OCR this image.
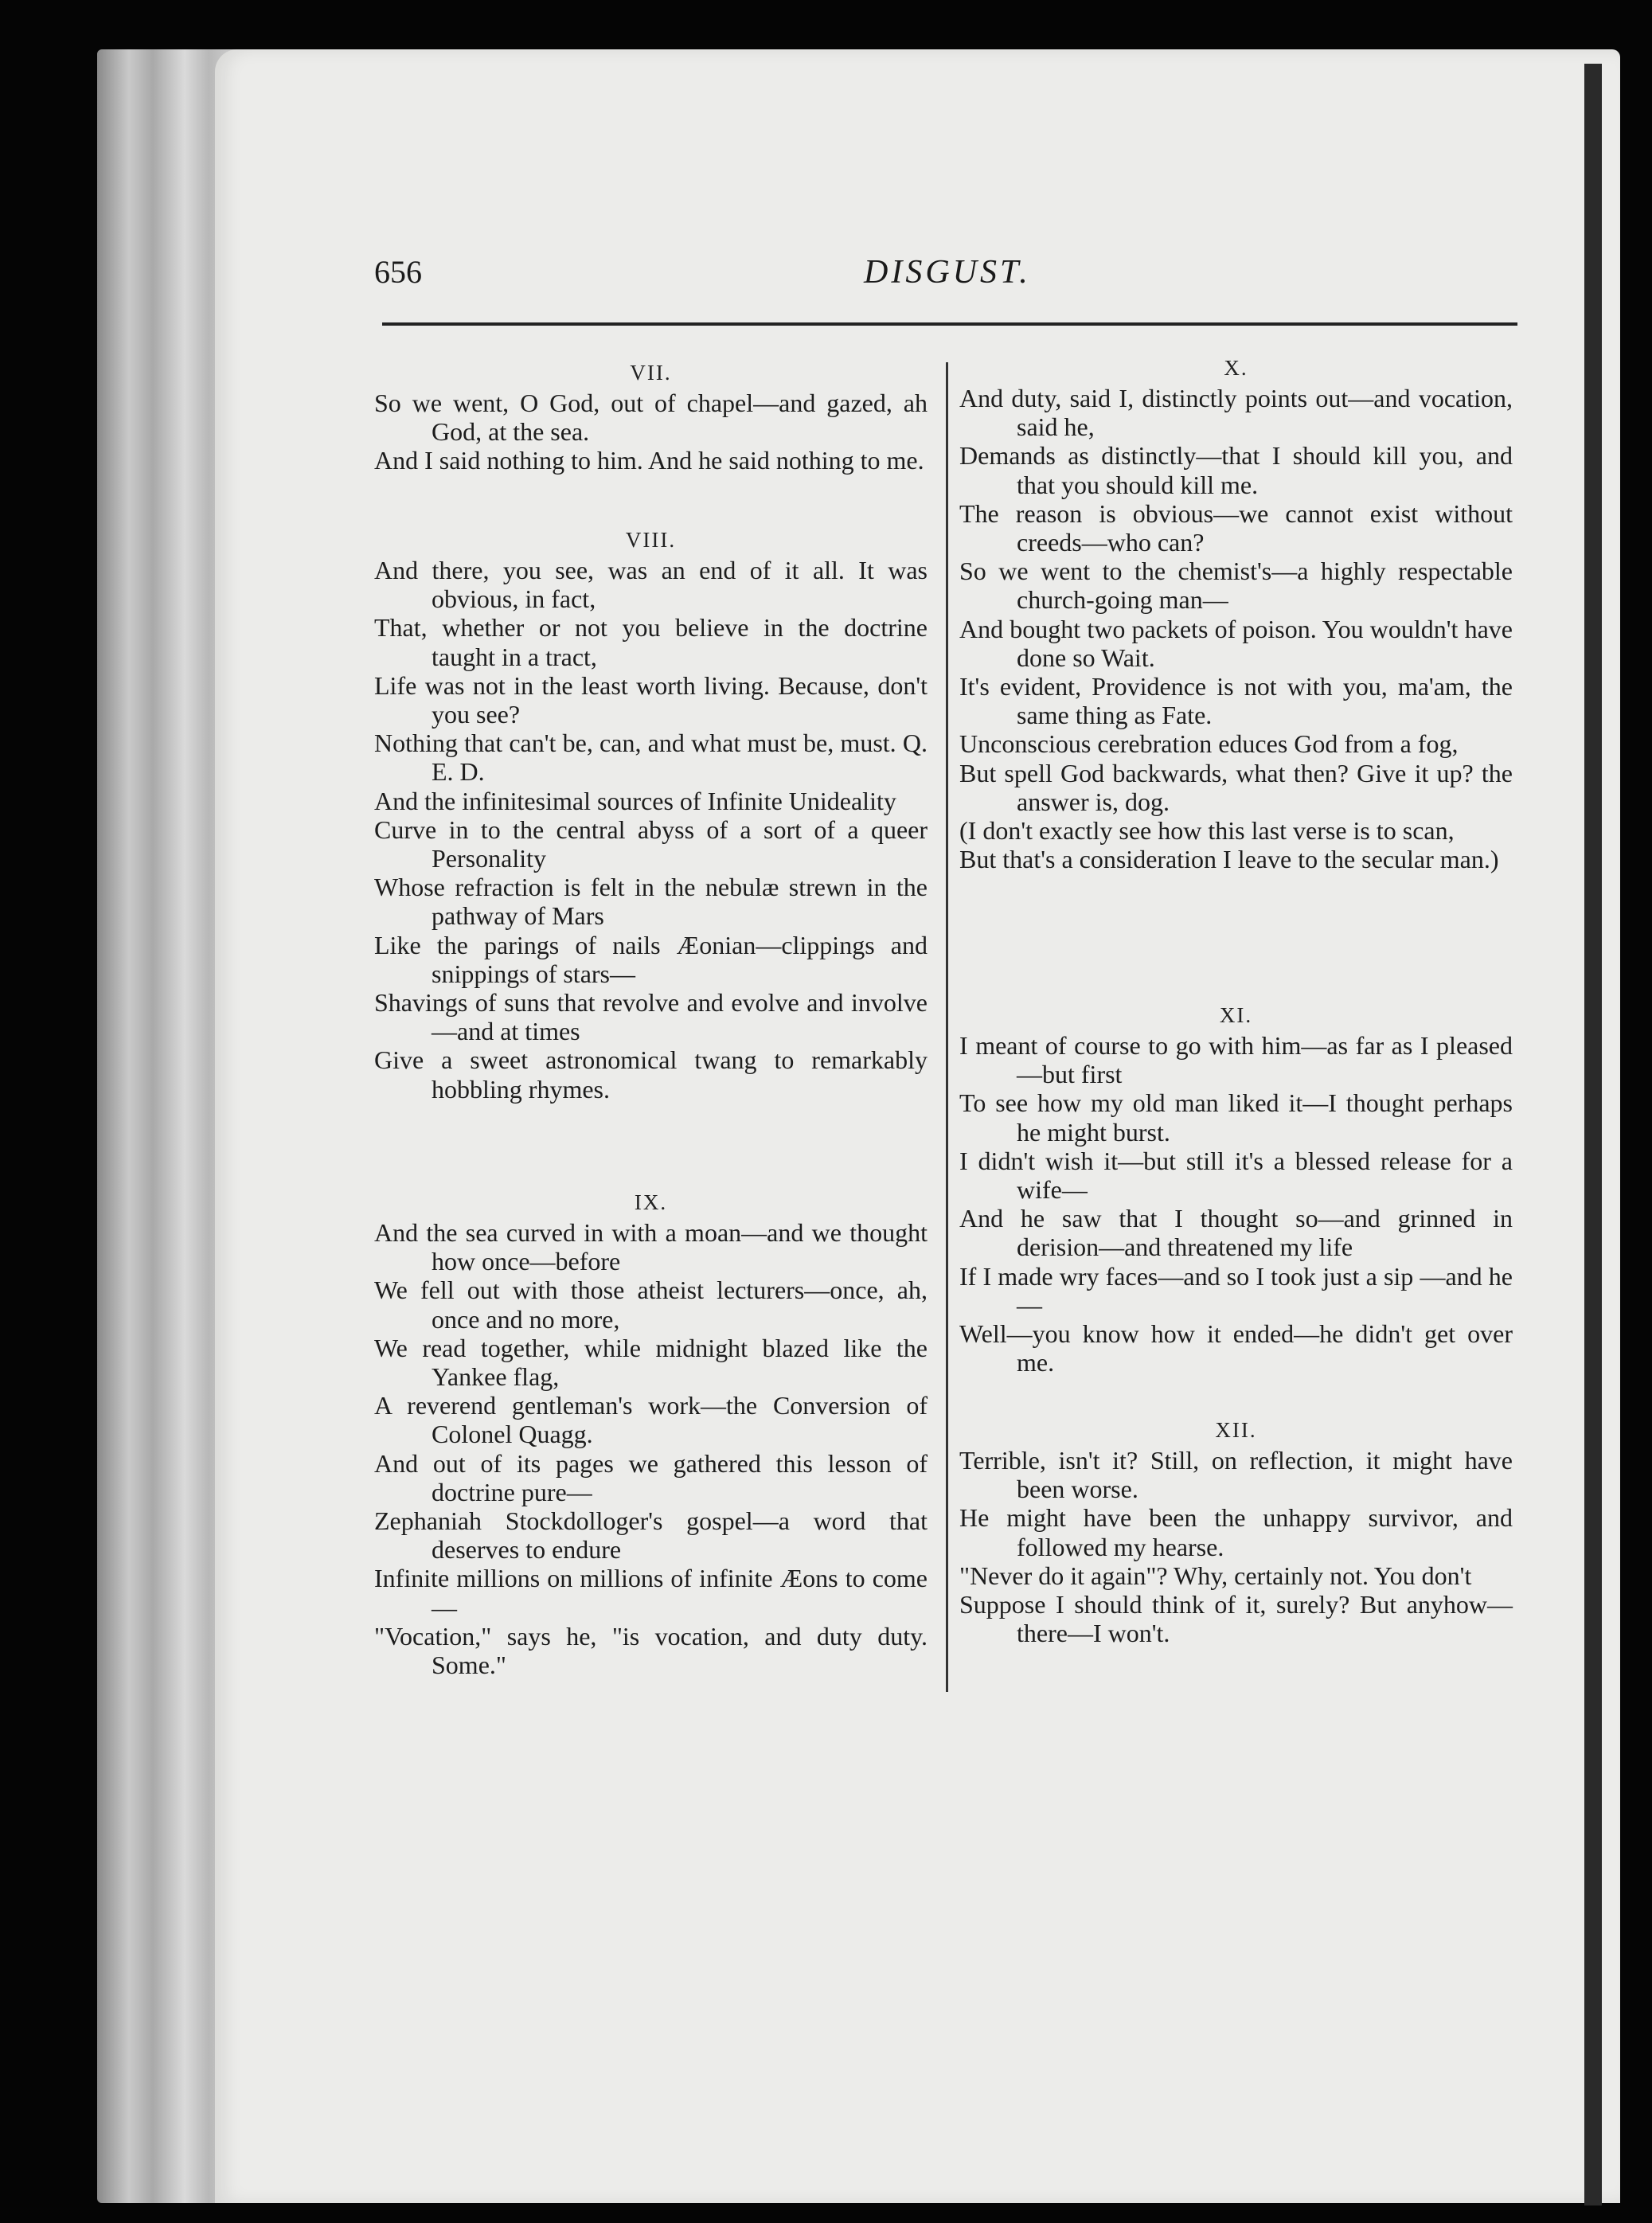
656	DISGUST.
VII.
So we went, O God, out of chapel—and gazed, ah God, at the sea.
And I said nothing to him. And he said nothing to me.
VIII.
And there, you see, was an end of it all. It was obvious, in fact,
That, whether or not you believe in the doctrine taught in a tract,
Life was not in the least worth living. Because, don't you see?
Nothing that can't be, can, and what must be, must. Q. E. D.
And the infinitesimal sources of Infinite Unideality
Curve in to the central abyss of a sort of a queer Personality
Whose refraction is felt in the nebulæ strewn in the pathway of Mars
Like the parings of nails Æonian—clippings and snippings of stars—
Shavings of suns that revolve and evolve and involve—and at times
Give a sweet astronomical twang to remarkably hobbling rhymes.
IX.
And the sea curved in with a moan—and we thought how once—before
We fell out with those atheist lecturers—once, ah, once and no more,
We read together, while midnight blazed like the Yankee flag,
A reverend gentleman's work—the Conversion of Colonel Quagg.
And out of its pages we gathered this lesson of doctrine pure—
Zephaniah Stockdolloger's gospel—a word that deserves to endure
Infinite millions on millions of infinite Æons to come—
"Vocation," says he, "is vocation, and duty duty. Some."
X.
And duty, said I, distinctly points out—and vocation, said he,
Demands as distinctly—that I should kill you, and that you should kill me.
The reason is obvious—we cannot exist without creeds—who can?
So we went to the chemist's—a highly respectable church-going man—
And bought two packets of poison. You wouldn't have done so Wait.
It's evident, Providence is not with you, ma'am, the same thing as Fate.
Unconscious cerebration educes God from a fog,
But spell God backwards, what then? Give it up? the answer is, dog.
(I don't exactly see how this last verse is to scan,
But that's a consideration I leave to the secular man.)
XI.
I meant of course to go with him—as far as I pleased—but first
To see how my old man liked it—I thought perhaps he might burst.
I didn't wish it—but still it's a blessed release for a wife—
And he saw that I thought so—and grinned in derision—and threatened my life
If I made wry faces—and so I took just a sip —and he—
Well—you know how it ended—he didn't get over me.
XII.
Terrible, isn't it? Still, on reflection, it might have been worse.
He might have been the unhappy survivor, and followed my hearse.
"Never do it again"? Why, certainly not. You don't
Suppose I should think of it, surely? But anyhow—there—I won't.
